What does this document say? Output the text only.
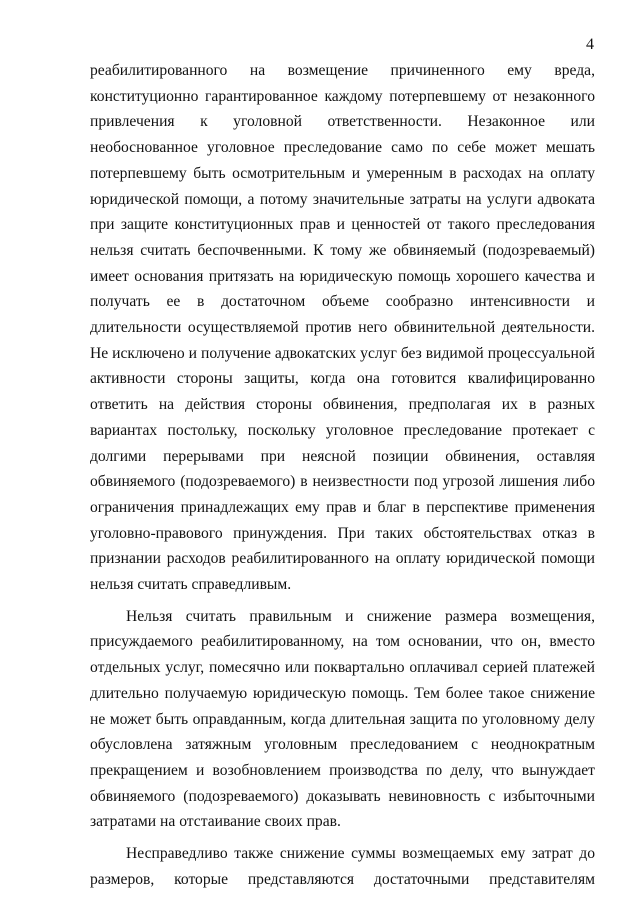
4

реабилитированного на возмещение причиненного ему вреда, конституционно гарантированное каждому потерпевшему от незаконного привлечения к уголовной ответственности. Незаконное или необоснованное уголовное преследование само по себе может мешать потерпевшему быть осмотрительным и умеренным в расходах на оплату юридической помощи, а потому значительные затраты на услуги адвоката при защите конституционных прав и ценностей от такого преследования нельзя считать беспочвенными. К тому же обвиняемый (подозреваемый) имеет основания притязать на юридическую помощь хорошего качества и получать ее в достаточном объеме сообразно интенсивности и длительности осуществляемой против него обвинительной деятельности. Не исключено и получение адвокатских услуг без видимой процессуальной активности стороны защиты, когда она готовится квалифицированно ответить на действия стороны обвинения, предполагая их в разных вариантах постольку, поскольку уголовное преследование протекает с долгими перерывами при неясной позиции обвинения, оставляя обвиняемого (подозреваемого) в неизвестности под угрозой лишения либо ограничения принадлежащих ему прав и благ в перспективе применения уголовно-правового принуждения. При таких обстоятельствах отказ в признании расходов реабилитированного на оплату юридической помощи нельзя считать справедливым.

Нельзя считать правильным и снижение размера возмещения, присуждаемого реабилитированному, на том основании, что он, вместо отдельных услуг, помесячно или поквартально оплачивал серией платежей длительно получаемую юридическую помощь. Тем более такое снижение не может быть оправданным, когда длительная защита по уголовному делу обусловлена затяжным уголовным преследованием с неоднократным прекращением и возобновлением производства по делу, что вынуждает обвиняемого (подозреваемого) доказывать невиновность с избыточными затратами на отстаивание своих прав.

Несправедливо также снижение суммы возмещаемых ему затрат до размеров, которые представляются достаточными представителям
